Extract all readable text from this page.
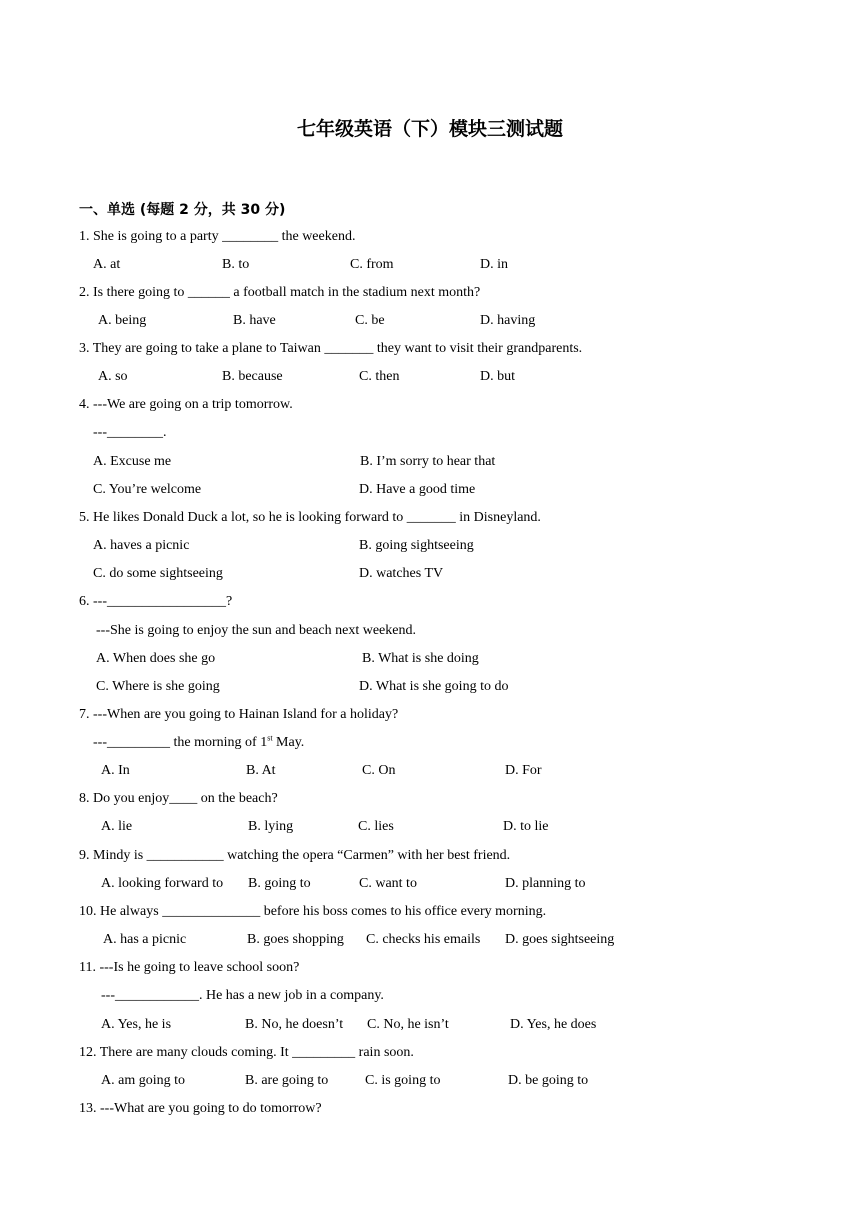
七年级英语（下）模块三测试题
一、单选 (每题 2 分，共 30 分)
1. She is going to a party ________ the weekend.
A. at	B. to	C. from	D. in
2. Is there going to ______ a football match in the stadium next month?
A. being	B. have	C. be	D. having
3. They are going to take a plane to Taiwan _______ they want to visit their grandparents.
A. so	B. because	C. then	D. but
4. ---We are going on a trip tomorrow.
---________.
A. Excuse me	B. I’m sorry to hear that
C. You’re welcome	D. Have a good time
5. He likes Donald Duck a lot, so he is looking forward to _______ in Disneyland.
A. haves a picnic	B. going sightseeing
C. do some sightseeing	D. watches TV
6. ---_________________?
---She is going to enjoy the sun and beach next weekend.
A. When does she go	B. What is she doing
C. Where is she going	D. What is she going to do
7. ---When are you going to Hainan Island for a holiday?
---_________ the morning of 1st May.
A. In	B. At	C. On	D. For
8. Do you enjoy____ on the beach?
A. lie	B. lying	C. lies	D. to lie
9. Mindy is ___________ watching the opera “Carmen” with her best friend.
A. looking forward to B. going to	C. want to	D. planning to
10. He always ______________ before his boss comes to his office every morning.
A. has a picnic	B. goes shopping C. checks his emails D. goes sightseeing
11. ---Is he going to leave school soon?
---____________. He has a new job in a company.
A. Yes, he is	B. No, he doesn’t C. No, he isn’t	D. Yes, he does
12. There are many clouds coming. It _________ rain soon.
A. am going to	B. are going to	C. is going to	D. be going to
13. ---What are you going to do tomorrow?
